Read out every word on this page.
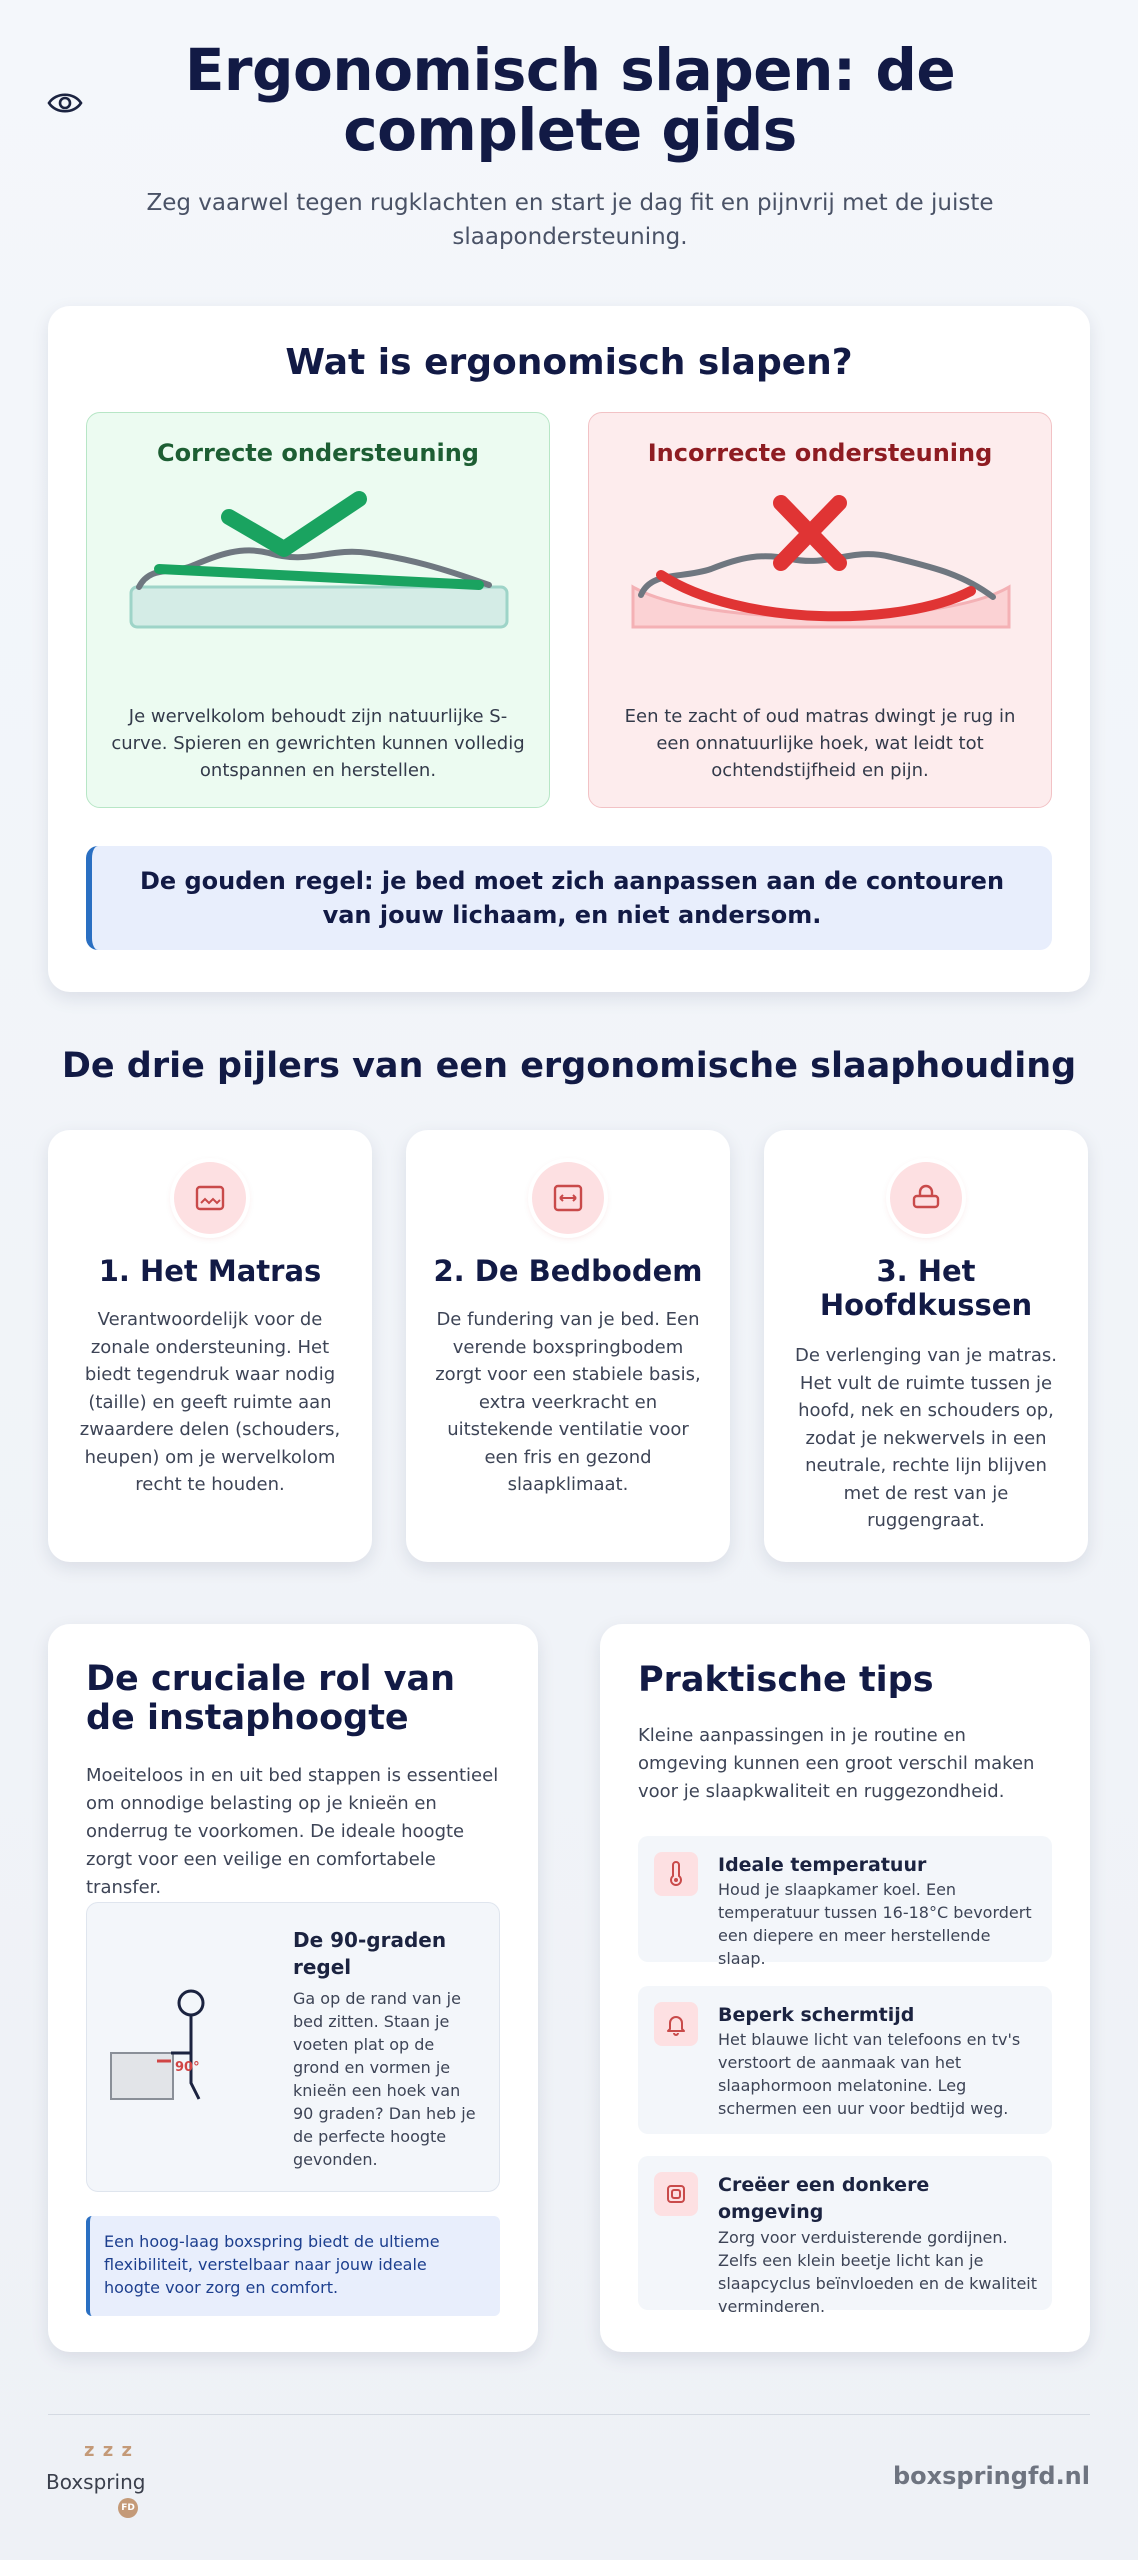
Ergonomisch slapen: de complete gids

Zeg vaarwel tegen rugklachten en start je dag fit en pijnvrij met de juiste slaapondersteuning.

Wat is ergonomisch slapen?
Correcte ondersteuning

Je wervelkolom behoudt zijn natuurlijke S-curve. Spieren en gewrichten kunnen volledig ontspannen en herstellen.

Incorrecte ondersteuning

Een te zacht of oud matras dwingt je rug in een onnatuurlijke hoek, wat leidt tot ochtendstijfheid en pijn.

De gouden regel: je bed moet zich aanpassen aan de contouren van jouw lichaam, en niet andersom.
De drie pijlers van een ergonomische slaaphouding
1. Het Matras

Verantwoordelijk voor de zonale ondersteuning. Het biedt tegendruk waar nodig (taille) en geeft ruimte aan zwaardere delen (schouders, heupen) om je wervelkolom recht te houden.

2. De Bedbodem

De fundering van je bed. Een verende boxspringbodem zorgt voor een stabiele basis, extra veerkracht en uitstekende ventilatie voor een fris en gezond slaapklimaat.

3. Het Hoofdkussen

De verlenging van je matras. Het vult de ruimte tussen je hoofd, nek en schouders op, zodat je nekwervels in een neutrale, rechte lijn blijven met de rest van je ruggengraat.

De cruciale rol van de instaphoogte

Moeiteloos in en uit bed stappen is essentieel om onnodige belasting op je knieën en onderrug te voorkomen. De ideale hoogte zorgt voor een veilige en comfortabele transfer.

90°
De 90-graden regel

Ga op de rand van je bed zitten. Staan je voeten plat op de grond en vormen je knieën een hoek van 90 graden? Dan heb je de perfecte hoogte gevonden.

Een hoog-laag boxspring biedt de ultieme flexibiliteit, verstelbaar naar jouw ideale hoogte voor zorg en comfort.
Praktische tips

Kleine aanpassingen in je routine en omgeving kunnen een groot verschil maken voor je slaapkwaliteit en ruggezondheid.

Ideale temperatuur

Houd je slaapkamer koel. Een temperatuur tussen 16-18°C bevordert een diepere en meer herstellende slaap.

Beperk schermtijd

Het blauwe licht van telefoons en tv's verstoort de aanmaak van het slaaphormoon melatonine. Leg schermen een uur voor bedtijd weg.

Creëer een donkere omgeving

Zorg voor verduisterende gordijnen. Zelfs een klein beetje licht kan je slaapcyclus beïnvloeden en de kwaliteit verminderen.

z z z
Boxspring
FD
boxspringfd.nl
